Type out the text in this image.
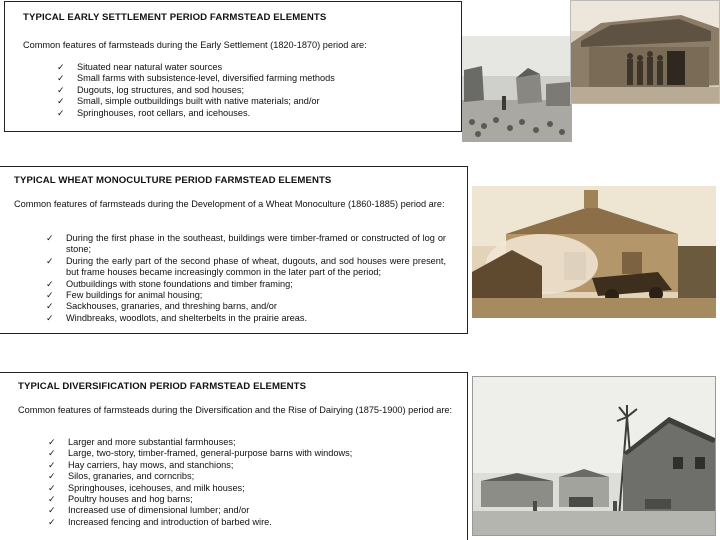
TYPICAL EARLY SETTLEMENT PERIOD FARMSTEAD ELEMENTS
Common features of farmsteads during the Early Settlement (1820-1870) period are:
✓ Situated near natural water sources
✓ Small farms with subsistence-level, diversified farming methods
✓ Dugouts, log structures, and sod houses;
✓ Small, simple outbuildings built with native materials; and/or
✓ Springhouses, root cellars, and icehouses.
TYPICAL WHEAT MONOCULTURE PERIOD FARMSTEAD ELEMENTS
Common features of farmsteads during the Development of a Wheat Monoculture (1860-1885) period are:
✓ During the first phase in the southeast, buildings were timber-framed or constructed of log or stone;
✓ During the early part of the second phase of wheat, dugouts, and sod houses were present, but frame houses became increasingly common in the later part of the period;
✓ Outbuildings with stone foundations and timber framing;
✓ Few buildings for animal housing;
✓ Sackhouses, granaries, and threshing barns, and/or
✓ Windbreaks, woodlots, and shelterbelts in the prairie areas.
TYPICAL DIVERSIFICATION PERIOD FARMSTEAD ELEMENTS
Common features of farmsteads during the Diversification and the Rise of Dairying (1875-1900) period are:
✓ Larger and more substantial farmhouses;
✓ Large, two-story, timber-framed, general-purpose barns with windows;
✓ Hay carriers, hay mows, and stanchions;
✓ Silos, granaries, and corncribs;
✓ Springhouses, icehouses, and milk houses;
✓ Poultry houses and hog barns;
✓ Increased use of dimensional lumber; and/or
✓ Increased fencing and introduction of barbed wire.
